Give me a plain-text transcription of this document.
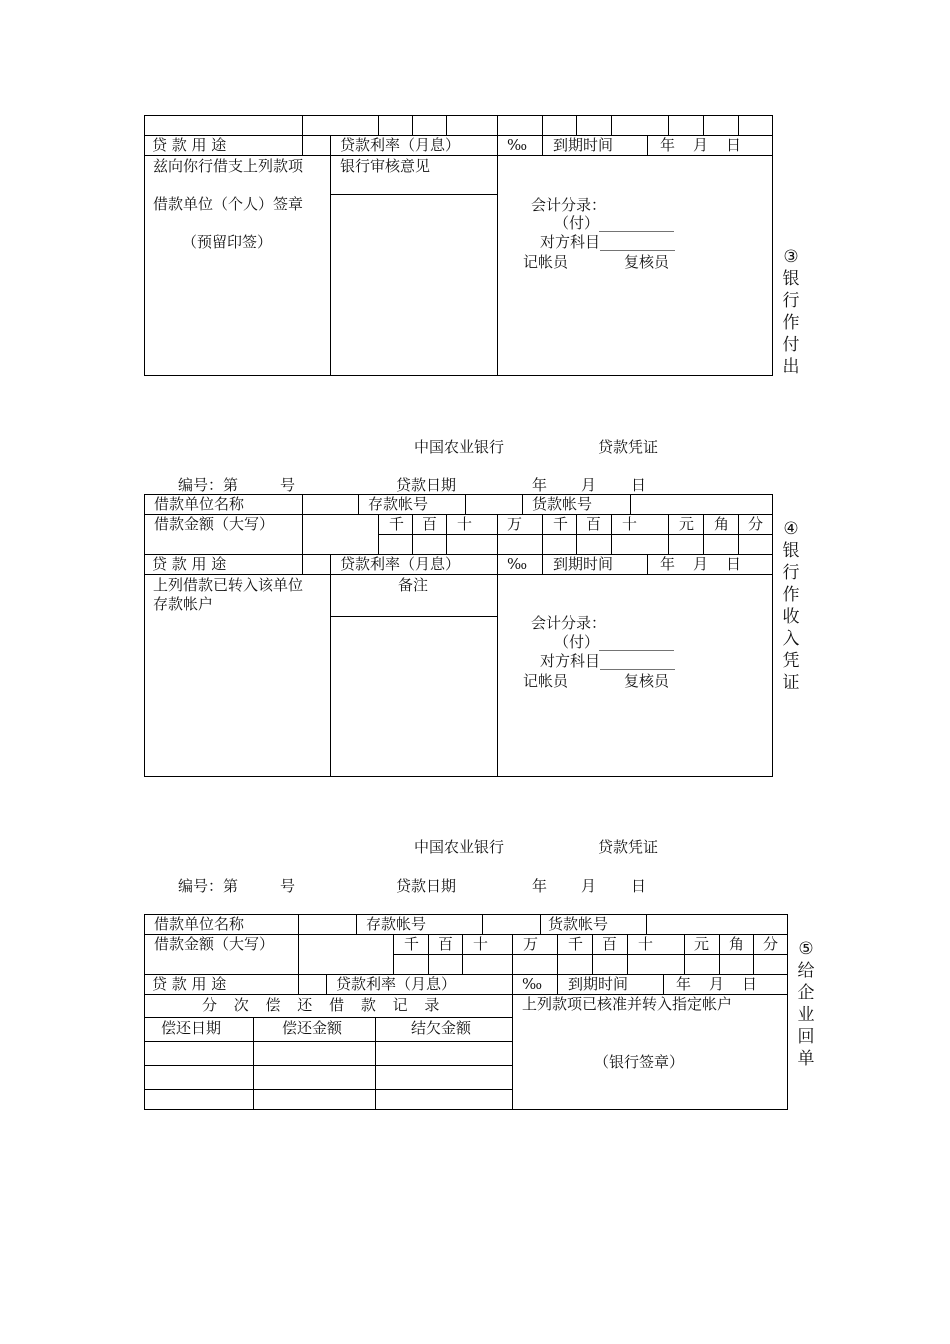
贷 款 用 途	贷款利率（月息）	‰ 到期时间	年 月 日
兹向你行借支上列款项
借款单位（个人）签章
（预留印签）
银行审核意见
会计分录：
（付）__________
对方科目__________
记帐员	复核员	③
银
行
作
付
出
中国农业银行	贷款凭证
编号：第	号	贷款日期	年 月 日
借款单位名称	存款帐号	货款帐号
借款金额（大写）	千 百 十 万 千 百 十	元 角 分
贷 款 用 途	贷款利率（月息）	‰ 到期时间	年 月 日
上列借款已转入该单位
存款帐户
备注
会计分录：
（付）__________
对方科目__________
记帐员	复核员
④
银
行
作
收
入
凭
证
中国农业银行	贷款凭证
编号：第	号	贷款日期	年 月 日
借款单位名称	存款帐号	货款帐号
借款金额（大写）	千 百 十 万 千 百 十	元 角 分
贷 款 用 途	贷款利率（月息）	‰ 到期时间	年 月 日
分 次 偿 还 借 款 记 录
偿还日期	偿还金额	结欠金额
上列款项已核准并转入指定帐户
（银行签章）
⑤
给
企
业
回
单
